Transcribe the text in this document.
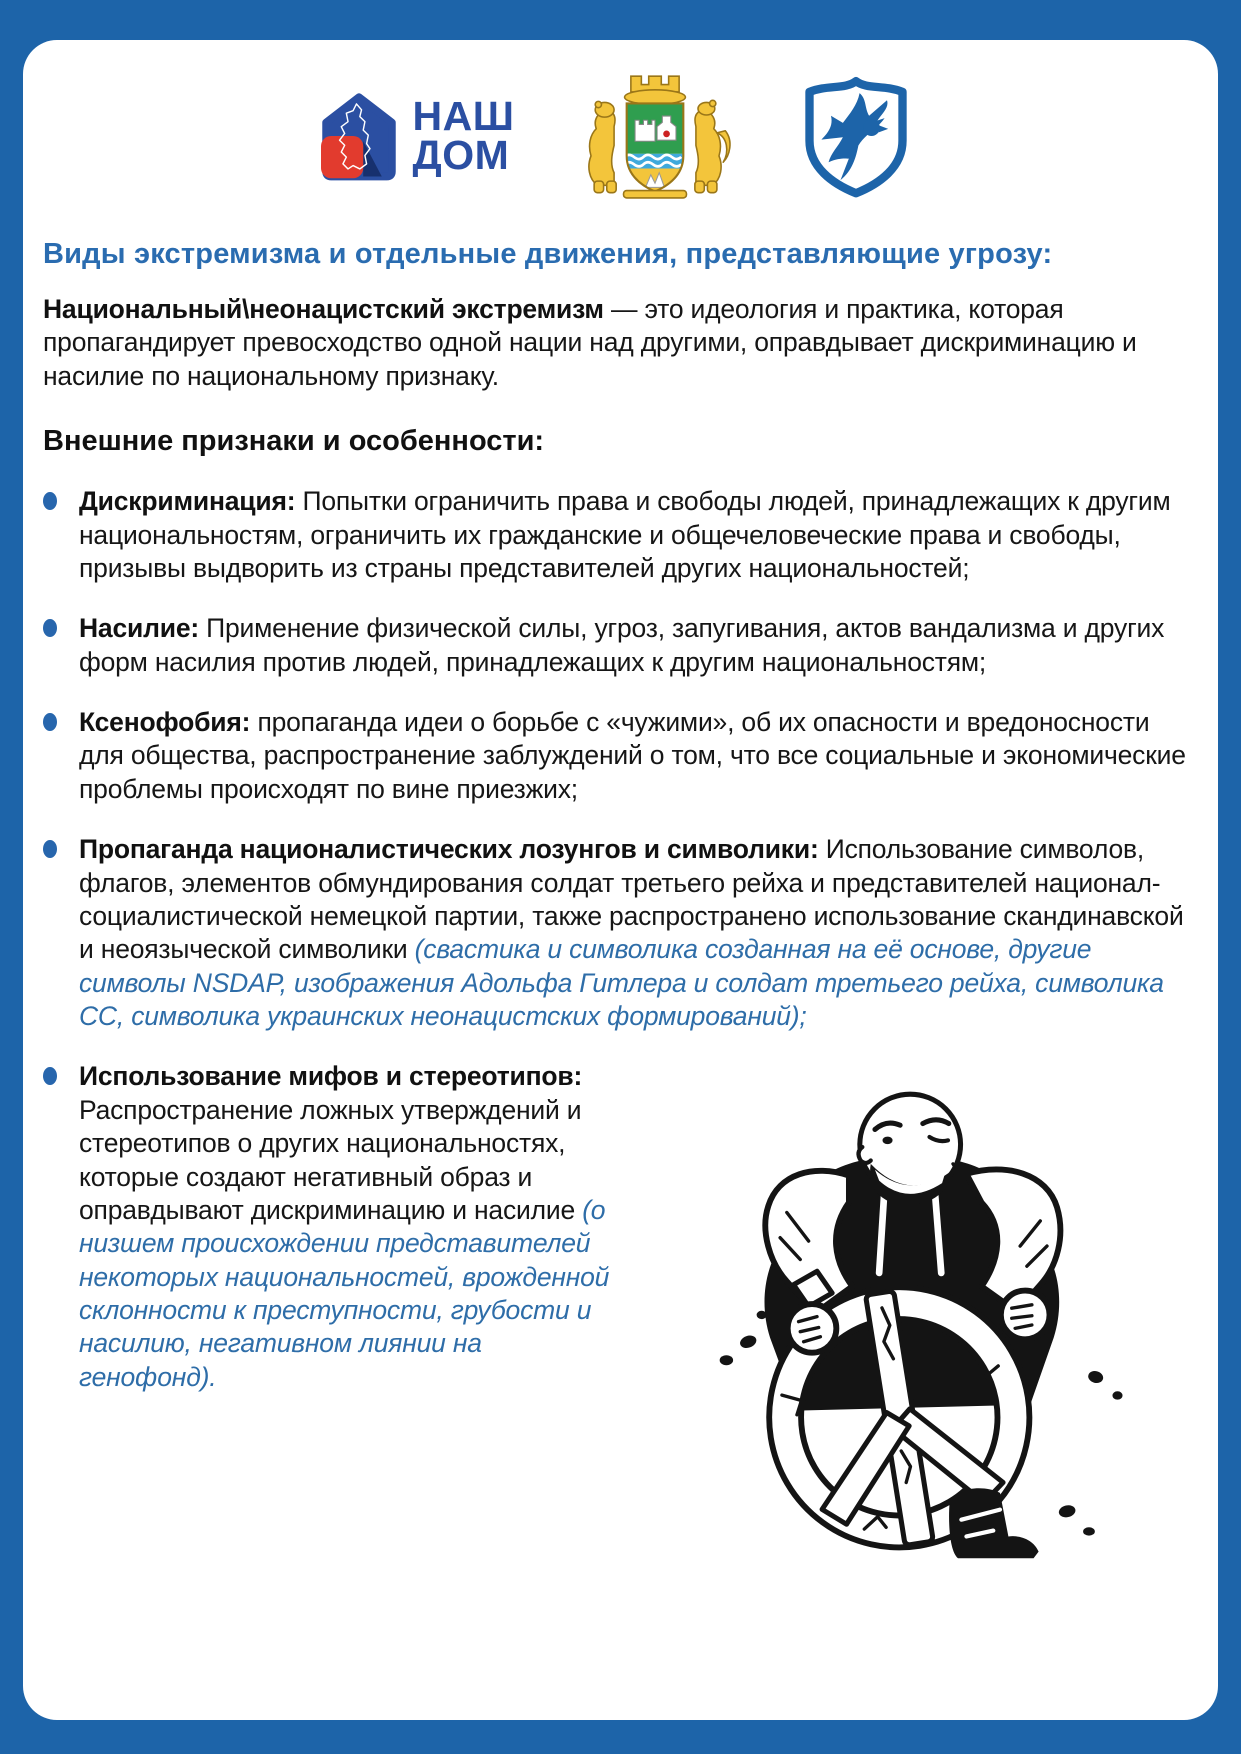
НАШ
ДОМ
Виды экстремизма и отдельные движения, представляющие угрозу:
Национальный\неонацистский экстремизм — это идеология и практика, которая пропагандирует превосходство одной нации над другими, оправдывает дискриминацию и насилие по национальному признаку.
Внешние признаки и особенности:
Дискриминация: Попытки ограничить права и свободы людей, принадлежащих к другим национальностям, ограничить их гражданские и общечеловеческие права и свободы, призывы выдворить из страны представителей других национальностей;
Насилие: Применение физической силы, угроз, запугивания, актов вандализма и других форм насилия против людей, принадлежащих к другим национальностям;
Ксенофобия: пропаганда идеи о борьбе с «чужими», об их опасности и вредоносности для общества, распространение заблуждений о том, что все социальные и экономические проблемы происходят по вине приезжих;
Пропаганда националистических лозунгов и символики: Использование символов, флагов, элементов обмундирования солдат третьего рейха и представителей национал-социалистической немецкой партии, также распространено использование скандинавской и неоязыческой символики (свастика и символика созданная на её основе, другие символы NSDAP, изображения Адольфа Гитлера и солдат третьего рейха, символика СС, символика украинских неонацистских формирований);
Использование мифов и стереотипов: Распространение ложных утверждений и стереотипов о других национальностях, которые создают негативный образ и оправдывают дискриминацию и насилие (о низшем происхождении представителей некоторых национальностей, врожденной склонности к преступности, грубости и насилию, негативном лиянии на генофонд).
